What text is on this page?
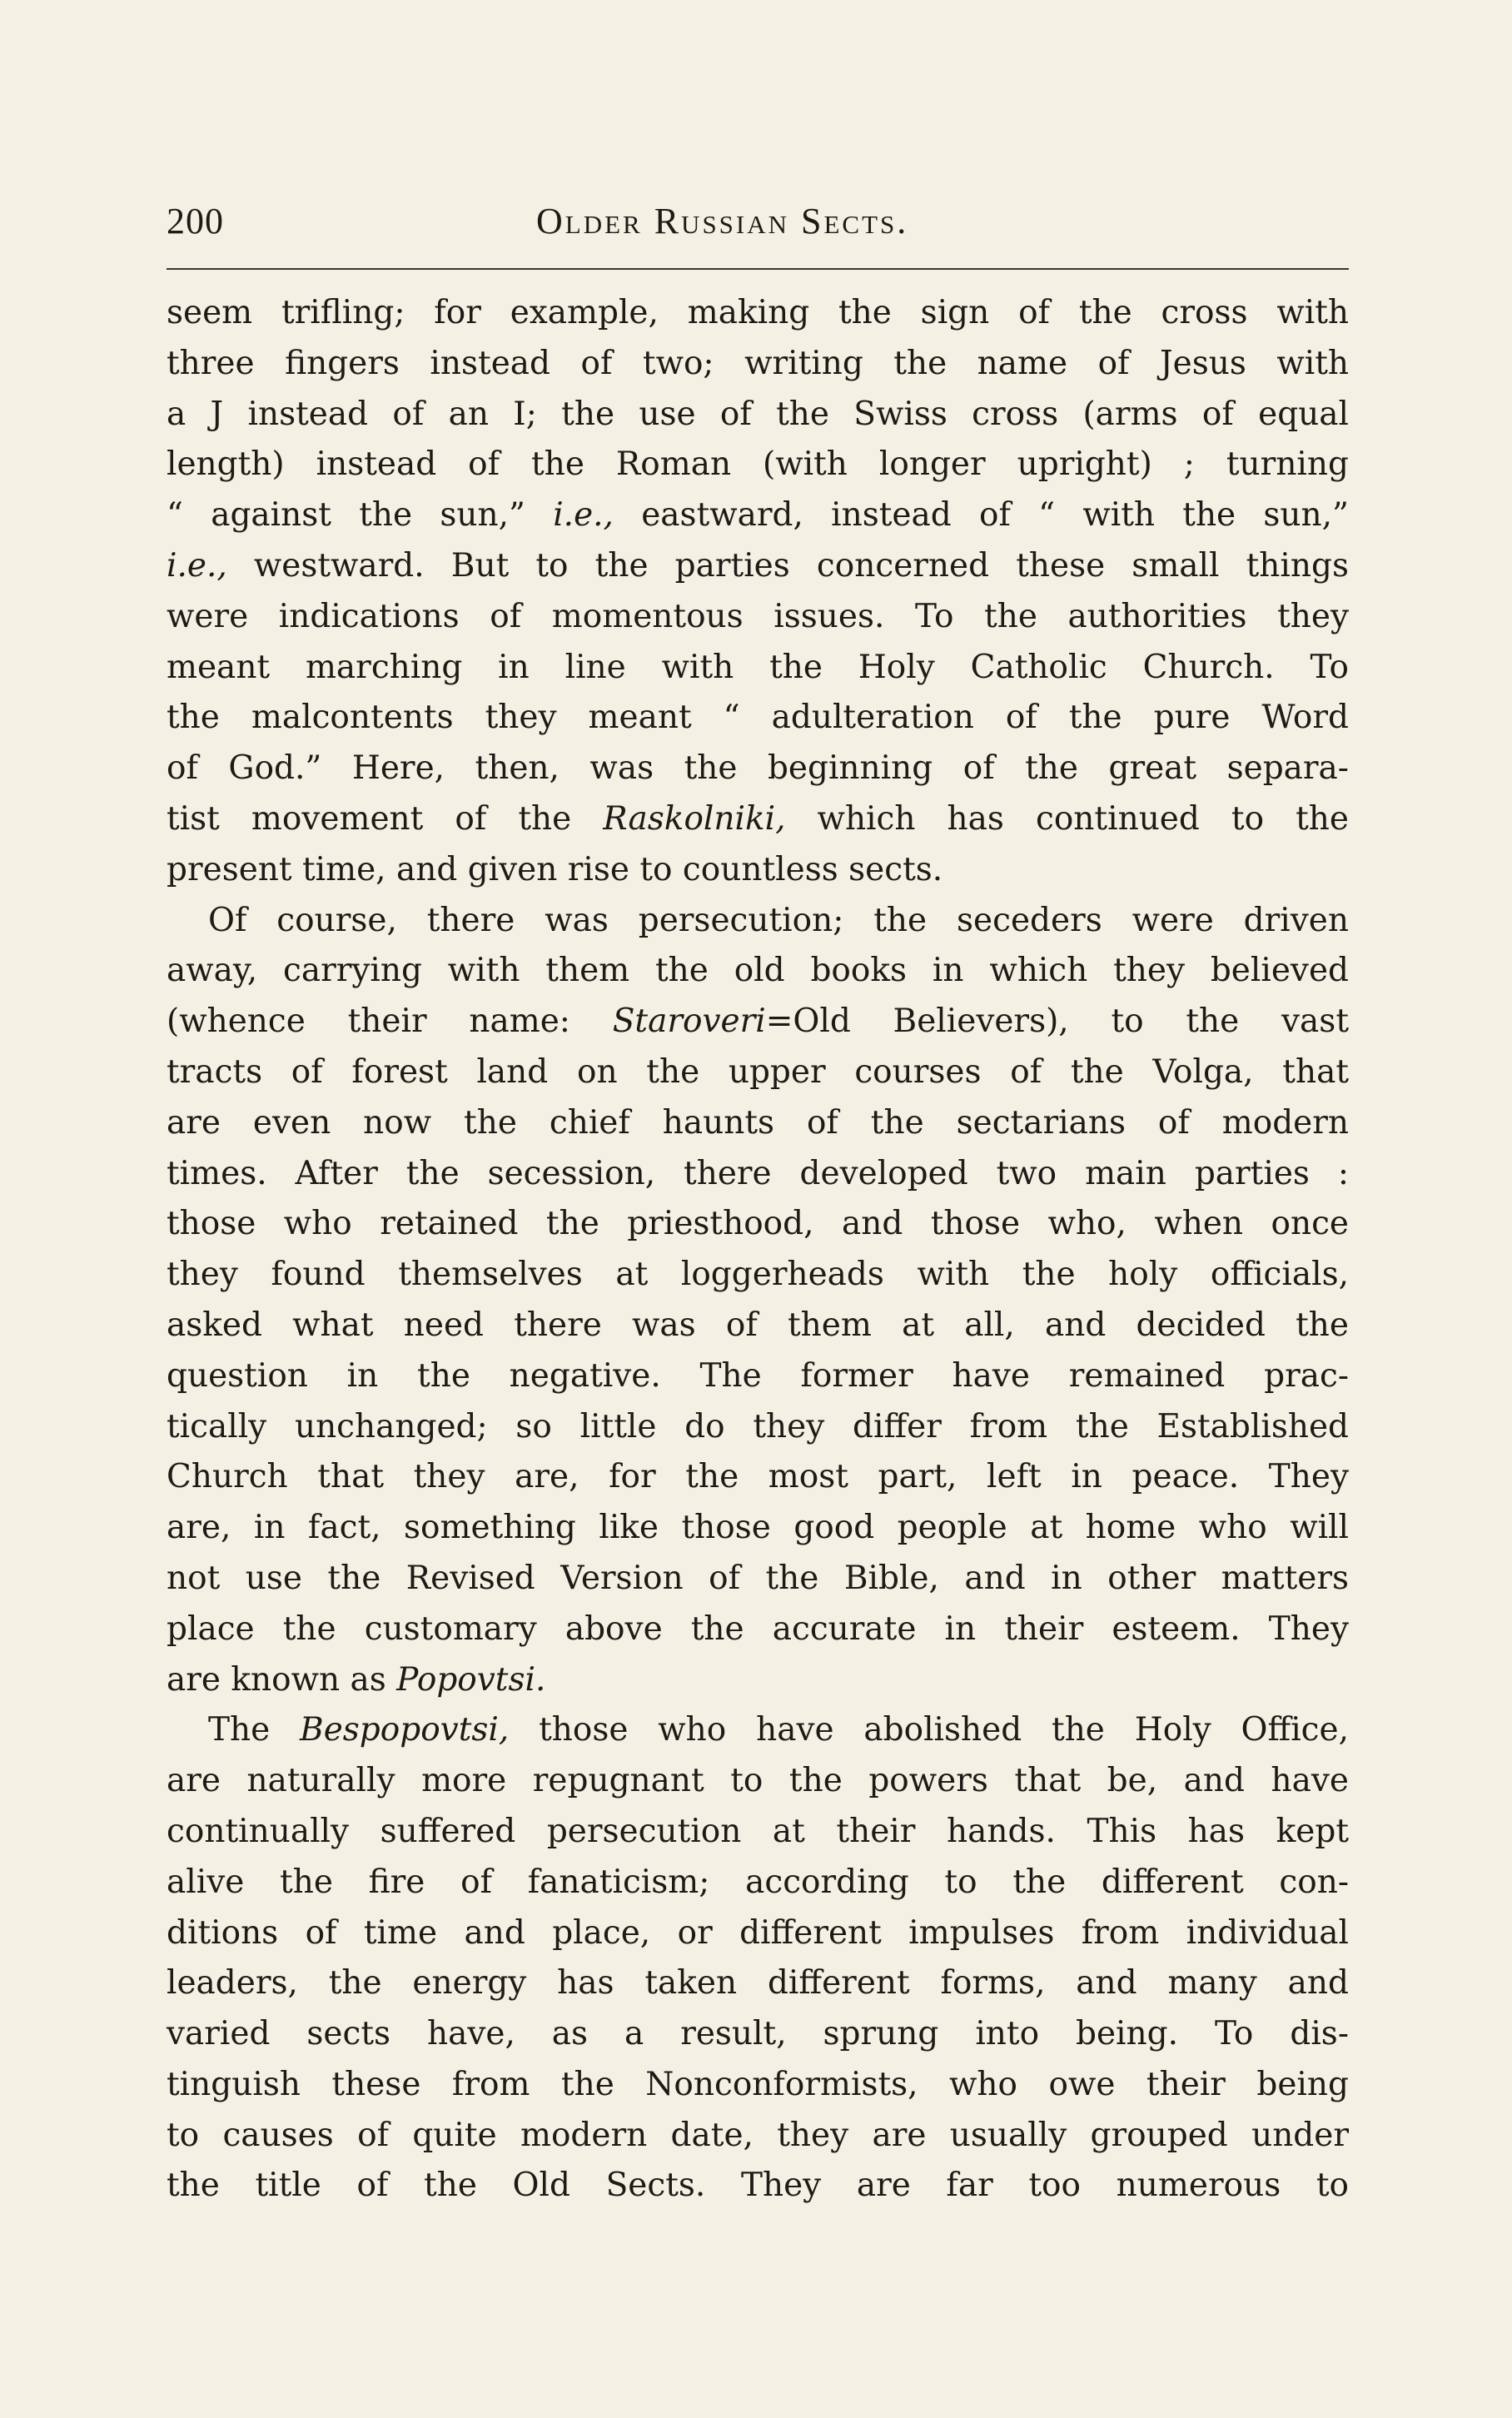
200	Older Russian Sects.

seem trifling; for example, making the sign of the cross with
three fingers instead of two; writing the name of Jesus with
a J instead of an I; the use of the Swiss cross (arms of equal
length) instead of the Roman (with longer upright) ; turning
“ against the sun,” i.e., eastward, instead of “ with the sun,”
i.e., westward. But to the parties concerned these small things
were indications of momentous issues. To the authorities they
meant marching in line with the Holy Catholic Church. To
the malcontents they meant “ adulteration of the pure Word
of God.” Here, then, was the beginning of the great separa-
tist movement of the Raskolniki, which has continued to the
present time, and given rise to countless sects.

Of course, there was persecution; the seceders were driven
away, carrying with them the old books in which they believed
(whence their name: Staroveri=Old Believers), to the vast
tracts of forest land on the upper courses of the Volga, that
are even now the chief haunts of the sectarians of modern
times. After the secession, there developed two main parties :
those who retained the priesthood, and those who, when once
they found themselves at loggerheads with the holy officials,
asked what need there was of them at all, and decided the
question in the negative. The former have remained prac-
tically unchanged; so little do they differ from the Established
Church that they are, for the most part, left in peace. They
are, in fact, something like those good people at home who will
not use the Revised Version of the Bible, and in other matters
place the customary above the accurate in their esteem. They
are known as Popovtsi.

The Bespopovtsi, those who have abolished the Holy Office,
are naturally more repugnant to the powers that be, and have
continually suffered persecution at their hands. This has kept
alive the fire of fanaticism; according to the different con-
ditions of time and place, or different impulses from individual
leaders, the energy has taken different forms, and many and
varied sects have, as a result, sprung into being. To dis-
tinguish these from the Nonconformists, who owe their being
to causes of quite modern date, they are usually grouped under
the title of the Old Sects. They are far too numerous to
